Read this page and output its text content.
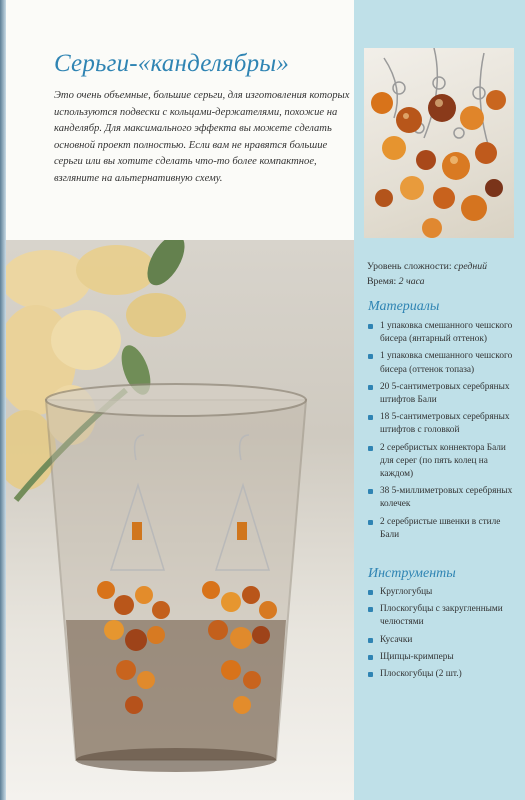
Серьги-«канделябры»

Это очень объемные, большие серьги, для изготовления которых используются подвески с кольцами-держателями, похожие на канделябр. Для максимального эффекта вы можете сделать основной проект полностью. Если вам не нравятся большие серьги или вы хотите сделать что-то более компактное, взгляните на альтернативную схему.

Уровень сложности: средний
Время: 2 часа
Материалы
1 упаковка смешанного чешского бисера (янтарный оттенок)
1 упаковка смешанного чешского бисера (оттенок топаза)
20 5-сантиметровых серебряных штифтов Бали
18 5-сантиметровых серебряных штифтов с головкой
2 серебристых коннектора Бали для серег (по пять колец на каждом)
38 5-миллиметровых серебряных колечек
2 серебристые швенки в стиле Бали
Инструменты
Круглогубцы
Плоскогубцы с закругленными челюстями
Кусачки
Щипцы-кримперы
Плоскогубцы (2 шт.)
